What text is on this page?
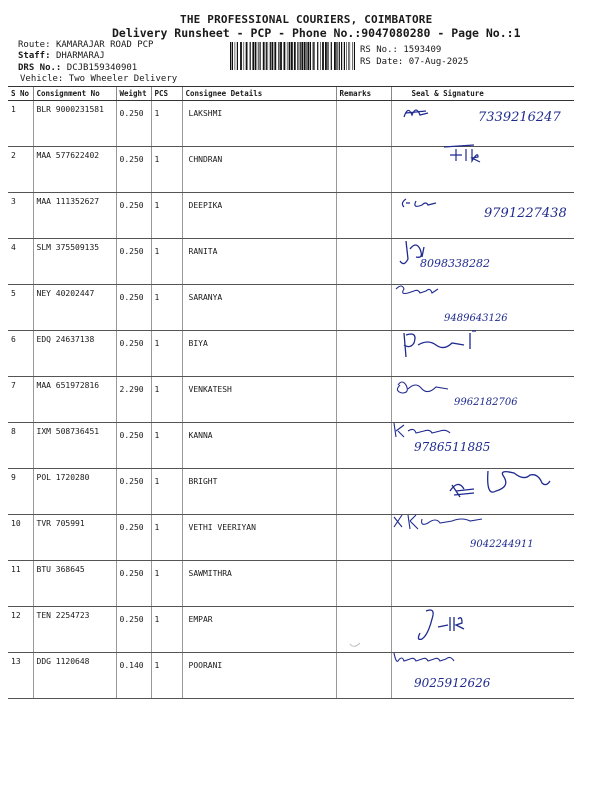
THE PROFESSIONAL COURIERS, COIMBATORE
Delivery Runsheet - PCP - Phone No.:9047080280 - Page No.:1
Route: KAMARAJAR ROAD PCP
Staff: DHARMARAJ
DRS No.: DCJB159340901
Vehicle: Two Wheeler Delivery
RS No.: 1593409
RS Date: 07-Aug-2025
S No	Consignment No	Weight	PCS	Consignee Details	Remarks	Seal & Signature
1	BLR 9000231581	0.250	1	LAKSHMI		7339216247

2	MAA 577622402	0.250	1	CHNDRAN		

3	MAA 111352627	0.250	1	DEEPIKA		9791227438

4	SLM 375509135	0.250	1	RANITA		8098338282

5	NEY 40202447	0.250	1	SARANYA		9489643126

6	EDQ 24637138	0.250	1	BIYA		

7	MAA 651972816	2.290	1	VENKATESH		9962182706

8	IXM 508736451	0.250	1	KANNA		9786511885

9	POL 1720280	0.250	1	BRIGHT		

10	TVR 705991	0.250	1	VETHI VEERIYAN		9042244911

11	BTU 368645	0.250	1	SAWMITHRA		

12	TEN 2254723	0.250	1	EMPAR		

13	DDG 1120648	0.140	1	POORANI		9025912626
